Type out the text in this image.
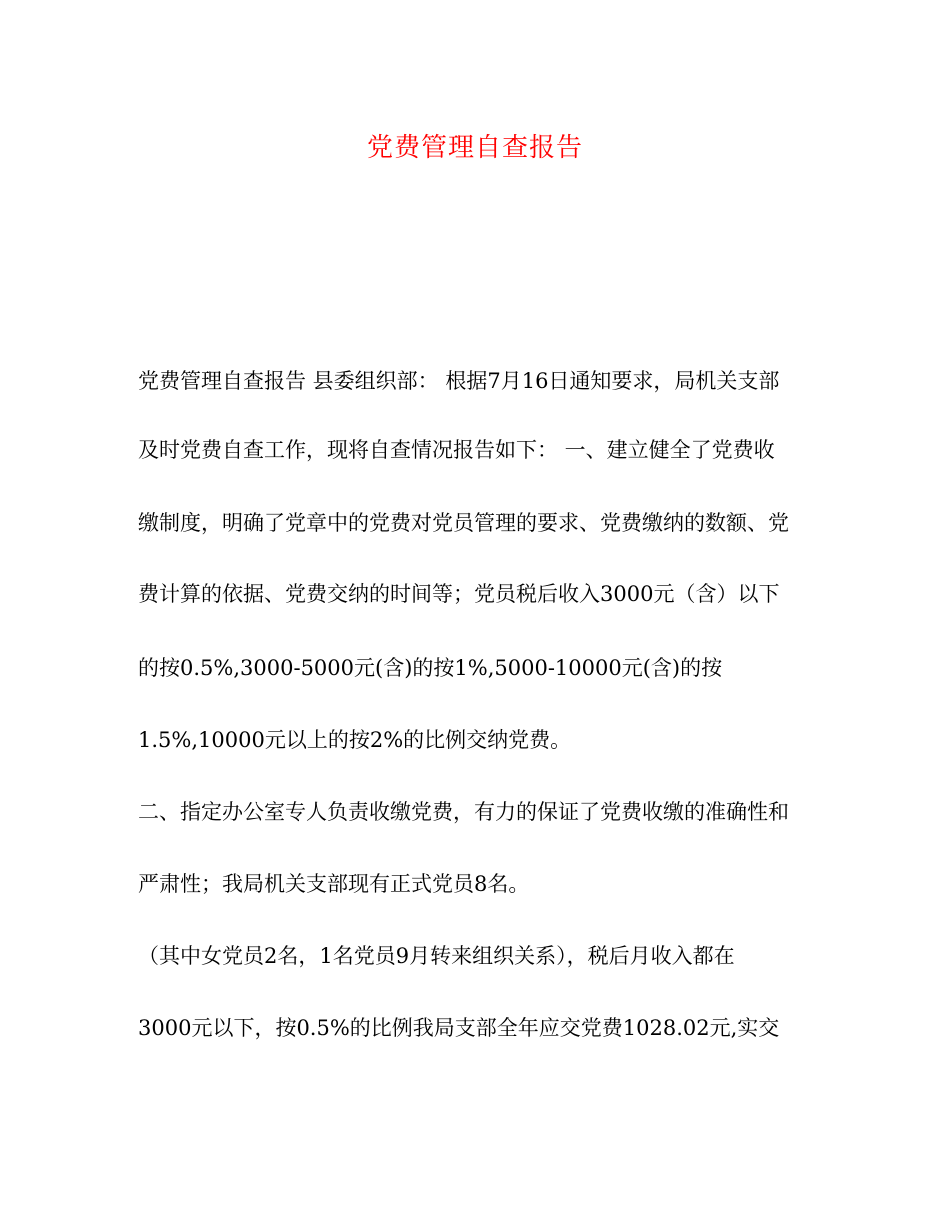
党费管理自查报告
党费管理自查报告 县委组织部： 根据7月16日通知要求，局机关支部
及时党费自查工作，现将自查情况报告如下： 一、建立健全了党费收
缴制度，明确了党章中的党费对党员管理的要求、党费缴纳的数额、党
费计算的依据、党费交纳的时间等；党员税后收入3000元（含）以下
的按0.5%,3000-5000元(含)的按1%,5000-10000元(含)的按
1.5%,10000元以上的按2%的比例交纳党费。
二、指定办公室专人负责收缴党费，有力的保证了党费收缴的准确性和
严肃性；我局机关支部现有正式党员8名。
（其中女党员2名，1名党员9月转来组织关系），税后月收入都在
3000元以下，按0.5%的比例我局支部全年应交党费1028.02元,实交
